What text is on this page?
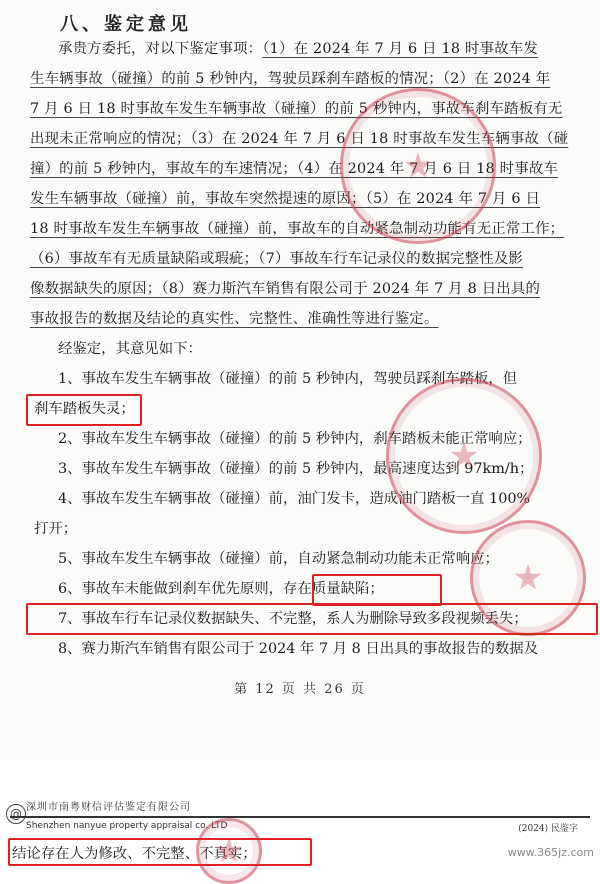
八、鉴定意见

承贵方委托，对以下鉴定事项：（1）在 2024 年 7 月 6 日 18 时事故车发

生车辆事故（碰撞）的前 5 秒钟内，驾驶员踩刹车踏板的情况；（2）在 2024 年

7 月 6 日 18 时事故车发生车辆事故（碰撞）的前 5 秒钟内，事故车刹车踏板有无

出现未正常响应的情况；（3）在 2024 年 7 月 6 日 18 时事故车发生车辆事故（碰

撞）的前 5 秒钟内，事故车的车速情况；（4）在 2024 年 7 月 6 日 18 时事故车

发生车辆事故（碰撞）前，事故车突然提速的原因；（5）在 2024 年 7 月 6 日

18 时事故车发生车辆事故（碰撞）前，事故车的自动紧急制动功能有无正常工作；

（6）事故车有无质量缺陷或瑕疵；（7）事故车行车记录仪的数据完整性及影

像数据缺失的原因；（8）赛力斯汽车销售有限公司于 2024 年 7 月 8 日出具的

事故报告的数据及结论的真实性、完整性、准确性等进行鉴定。

经鉴定，其意见如下：
1、事故车发生车辆事故（碰撞）的前 5 秒钟内，驾驶员踩刹车踏板，但
刹车踏板失灵；
2、事故车发生车辆事故（碰撞）的前 5 秒钟内，刹车踏板未能正常响应；
3、事故车发生车辆事故（碰撞）的前 5 秒钟内，最高速度达到 97km/h；
4、事故车发生车辆事故（碰撞）前，油门发卡，造成油门踏板一直 100%
打开；
5、事故车发生车辆事故（碰撞）前，自动紧急制动功能未正常响应；
6、事故车未能做到刹车优先原则，存在质量缺陷；
7、事故车行车记录仪数据缺失、不完整，系人为删除导致多段视频丢失；
8、赛力斯汽车销售有限公司于 2024 年 7 月 8 日出具的事故报告的数据及
第 12 页 共 26 页
@ 深圳市南粤财信评估鉴定有限公司
Shenzhen nanyue property appraisal co. LTD	(2024) 民鉴字
结论存在人为修改、不完整、不真实；	www.365jz.com
